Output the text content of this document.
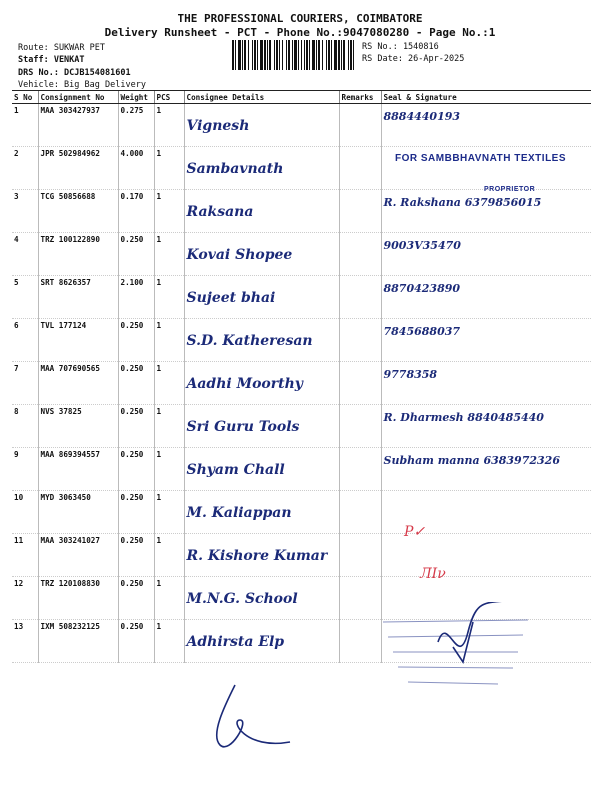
THE PROFESSIONAL COURIERS, COIMBATORE
Delivery Runsheet - PCT - Phone No.:9047080280 - Page No.:1
Route: SUKWAR PET
Staff: VENKAT
DRS No.: DCJB154081601
Vehicle: Big Bag Delivery
RS No.: 1540816
RS Date: 26-Apr-2025
S No	Consignment No	Weight	PCS	Consignee Details	Remarks	Seal & Signature
1	MAA 303427937	0.275	1	Vignesh		8884440193

2	JPR 502984962	4.000	1	Sambavnath		

3	TCG 50856688	0.170	1	Raksana		R. Rakshana 6379856015

4	TRZ 100122890	0.250	1	Kovai Shopee		9003V35470

5	SRT 8626357	2.100	1	Sujeet bhai		8870423890

6	TVL 177124	0.250	1	S.D. Katheresan		7845688037

7	MAA 707690565	0.250	1	Aadhi Moorthy		9778358

8	NVS 37825	0.250	1	Sri Guru Tools		R. Dharmesh 8840485440

9	MAA 869394557	0.250	1	Shyam Chall		Subham manna 6383972326

10	MYD 3063450	0.250	1	M. Kaliappan		

11	MAA 303241027	0.250	1	R. Kishore Kumar		

12	TRZ 120108830	0.250	1	M.N.G. School		

13	IXM 508232125	0.250	1	Adhirsta Elp		

FOR SAMBBHAVNATH TEXTILES
PROPRIETOR
P✓
ЛΙν
